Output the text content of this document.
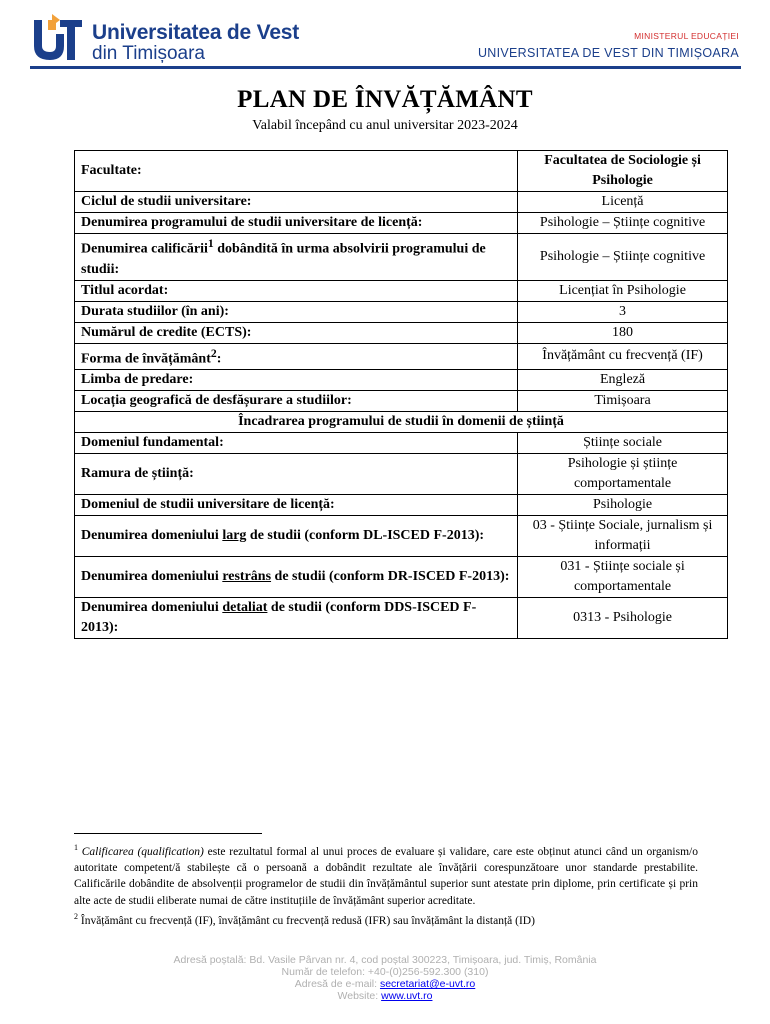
Universitatea de Vest
din Timișoara
MINISTERUL EDUCAȚIEI
UNIVERSITATEA DE VEST DIN TIMIȘOARA
PLAN DE ÎNVĂȚĂMÂNT
Valabil începând cu anul universitar 2023-2024
Facultate:	Facultatea de Sociologie și Psihologie
Ciclul de studii universitare:	Licență
Denumirea programului de studii universitare de licență:	Psihologie – Științe cognitive
Denumirea calificării$^1$ dobândită în urma absolvirii programului de studii:	Psihologie – Științe cognitive
Titlul acordat:	Licențiat în Psihologie
Durata studiilor (în ani):	3
Numărul de credite (ECTS):	180
Forma de învățământ$^2$:	Învățământ cu frecvență (IF)
Limba de predare:	Engleză
Locația geografică de desfășurare a studiilor:	Timișoara
Încadrarea programului de studii în domenii de știință	
Domeniul fundamental:	Științe sociale
Ramura de știință:	Psihologie și științe comportamentale
Domeniul de studii universitare de licență:	Psihologie
Denumirea domeniului larg de studii (conform DL-ISCED F-2013):	03 - Științe Sociale, jurnalism și informații
Denumirea domeniului restrâns de studii (conform DR-ISCED F-2013):	031 - Științe sociale și comportamentale
Denumirea domeniului detaliat de studii (conform DDS-ISCED F-2013):	0313 - Psihologie

$^1$ Calificarea (qualification) este rezultatul formal al unui proces de evaluare și validare, care este obținut atunci când un organism/o autoritate competent/ă stabilește că o persoană a dobândit rezultate ale învățării corespunzătoare unor standarde prestabilite. Calificările dobândite de absolvenții programelor de studii din învățământul superior sunt atestate prin diplome, prin certificate și prin alte acte de studii eliberate numai de către instituțiile de învățământ superior acreditate.

$^2$ Învățământ cu frecvență (IF), învățământ cu frecvență redusă (IFR) sau învățământ la distanță (ID)

Adresă poștală: Bd. Vasile Pârvan nr. 4, cod poștal 300223, Timișoara, jud. Timiș, România
Număr de telefon: +40-(0)256-592.300 (310)
Adresă de e-mail: secretariat@e-uvt.ro
Website: www.uvt.ro
